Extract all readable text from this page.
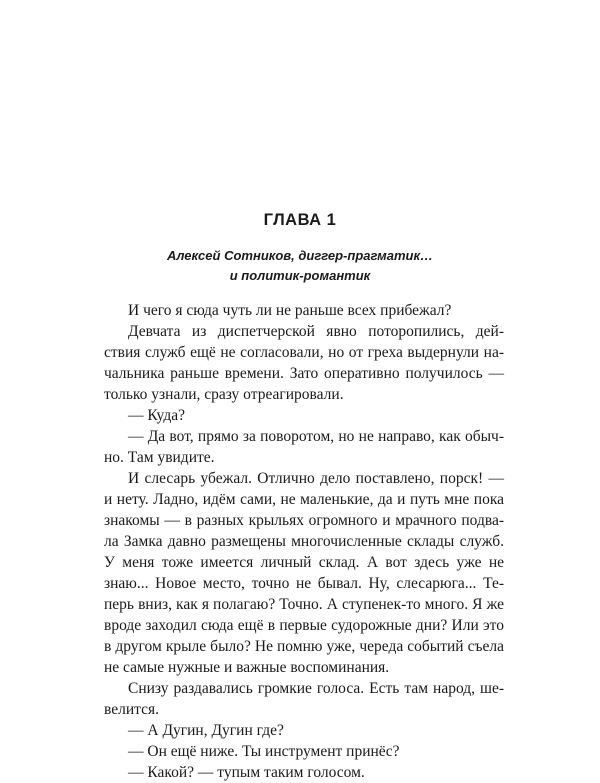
ГЛАВА 1
Алексей Сотников, диггер-прагматик…
и политик-романтик
И чего я сюда чуть ли не раньше всех прибежал?
Девчата из диспетчерской явно поторопились, дей-
ствия служб ещё не согласовали, но от греха выдернули на-
чальника раньше времени. Зато оперативно получилось —
только узнали, сразу отреагировали.
— Куда?
— Да вот, прямо за поворотом, но не направо, как обыч-
но. Там увидите.
И слесарь убежал. Отлично дело поставлено, порск! —
и нету. Ладно, идём сами, не маленькие, да и путь мне пока
знакомы — в разных крыльях огромного и мрачного подва-
ла Замка давно размещены многочисленные склады служб.
У меня тоже имеется личный склад. А вот здесь уже не
знаю... Новое место, точно не бывал. Ну, слесарюга... Те-
перь вниз, как я полагаю? Точно. А ступенек-то много. Я же
вроде заходил сюда ещё в первые судорожные дни? Или это
в другом крыле было? Не помню уже, череда событий съела
не самые нужные и важные воспоминания.
Снизу раздавались громкие голоса. Есть там народ, ше-
велится.
— А Дугин, Дугин где?
— Он ещё ниже. Ты инструмент принёс?
— Какой? — тупым таким голосом.
